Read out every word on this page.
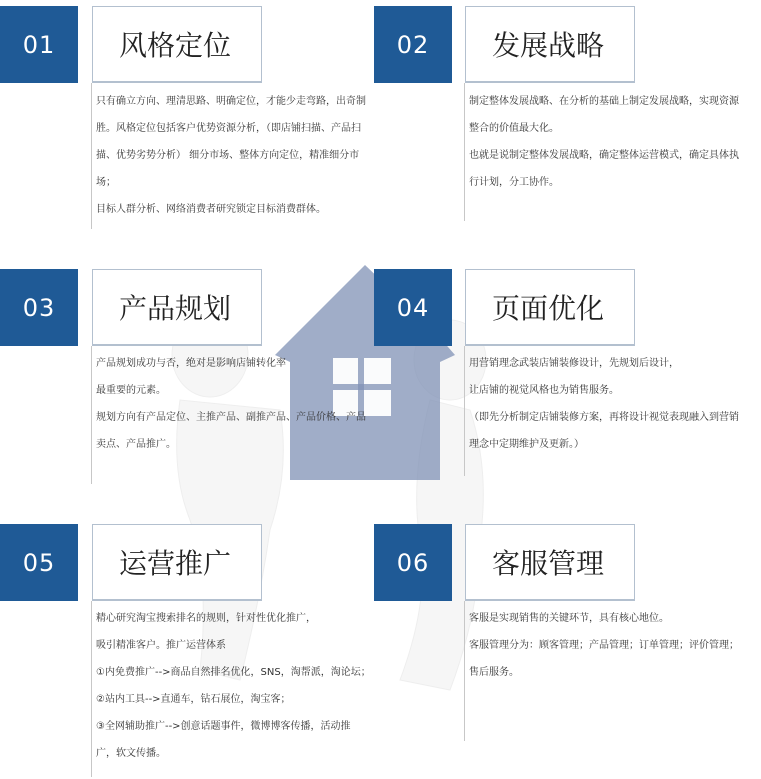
01	风格定位

只有确立方向、理清思路、明确定位，才能少走弯路，出奇制

胜。风格定位包括客户优势资源分析，（即店铺扫描、产品扫

描、优势劣势分析） 细分市场、整体方向定位，精准细分市

场；

目标人群分析、网络消费者研究锁定目标消费群体。

02	发展战略

制定整体发展战略、在分析的基础上制定发展战略，实现资源

整合的价值最大化。

也就是说制定整体发展战略，确定整体运营模式，确定具体执

行计划，分工协作。

03	产品规划

产品规划成功与否，绝对是影响店铺转化率

最重要的元素。

规划方向有产品定位、主推产品、副推产品、产品价格、产品

卖点、产品推广。

04	页面优化

用营销理念武装店铺装修设计，先规划后设计，

让店铺的视觉风格也为销售服务。

（即先分析制定店铺装修方案，再将设计视觉表现融入到营销

理念中定期维护及更新。）

05	运营推广

精心研究淘宝搜索排名的规则，针对性优化推广，

吸引精准客户。推广运营体系

①内免费推广-->商品自然排名优化，SNS，淘帮派，淘论坛；

②站内工具-->直通车，钻石展位，淘宝客；

③全网辅助推广-->创意话题事件，微博博客传播，活动推

广，软文传播。

06	客服管理

客服是实现销售的关键环节，具有核心地位。

客服管理分为：顾客管理；产品管理；订单管理；评价管理；

售后服务。
